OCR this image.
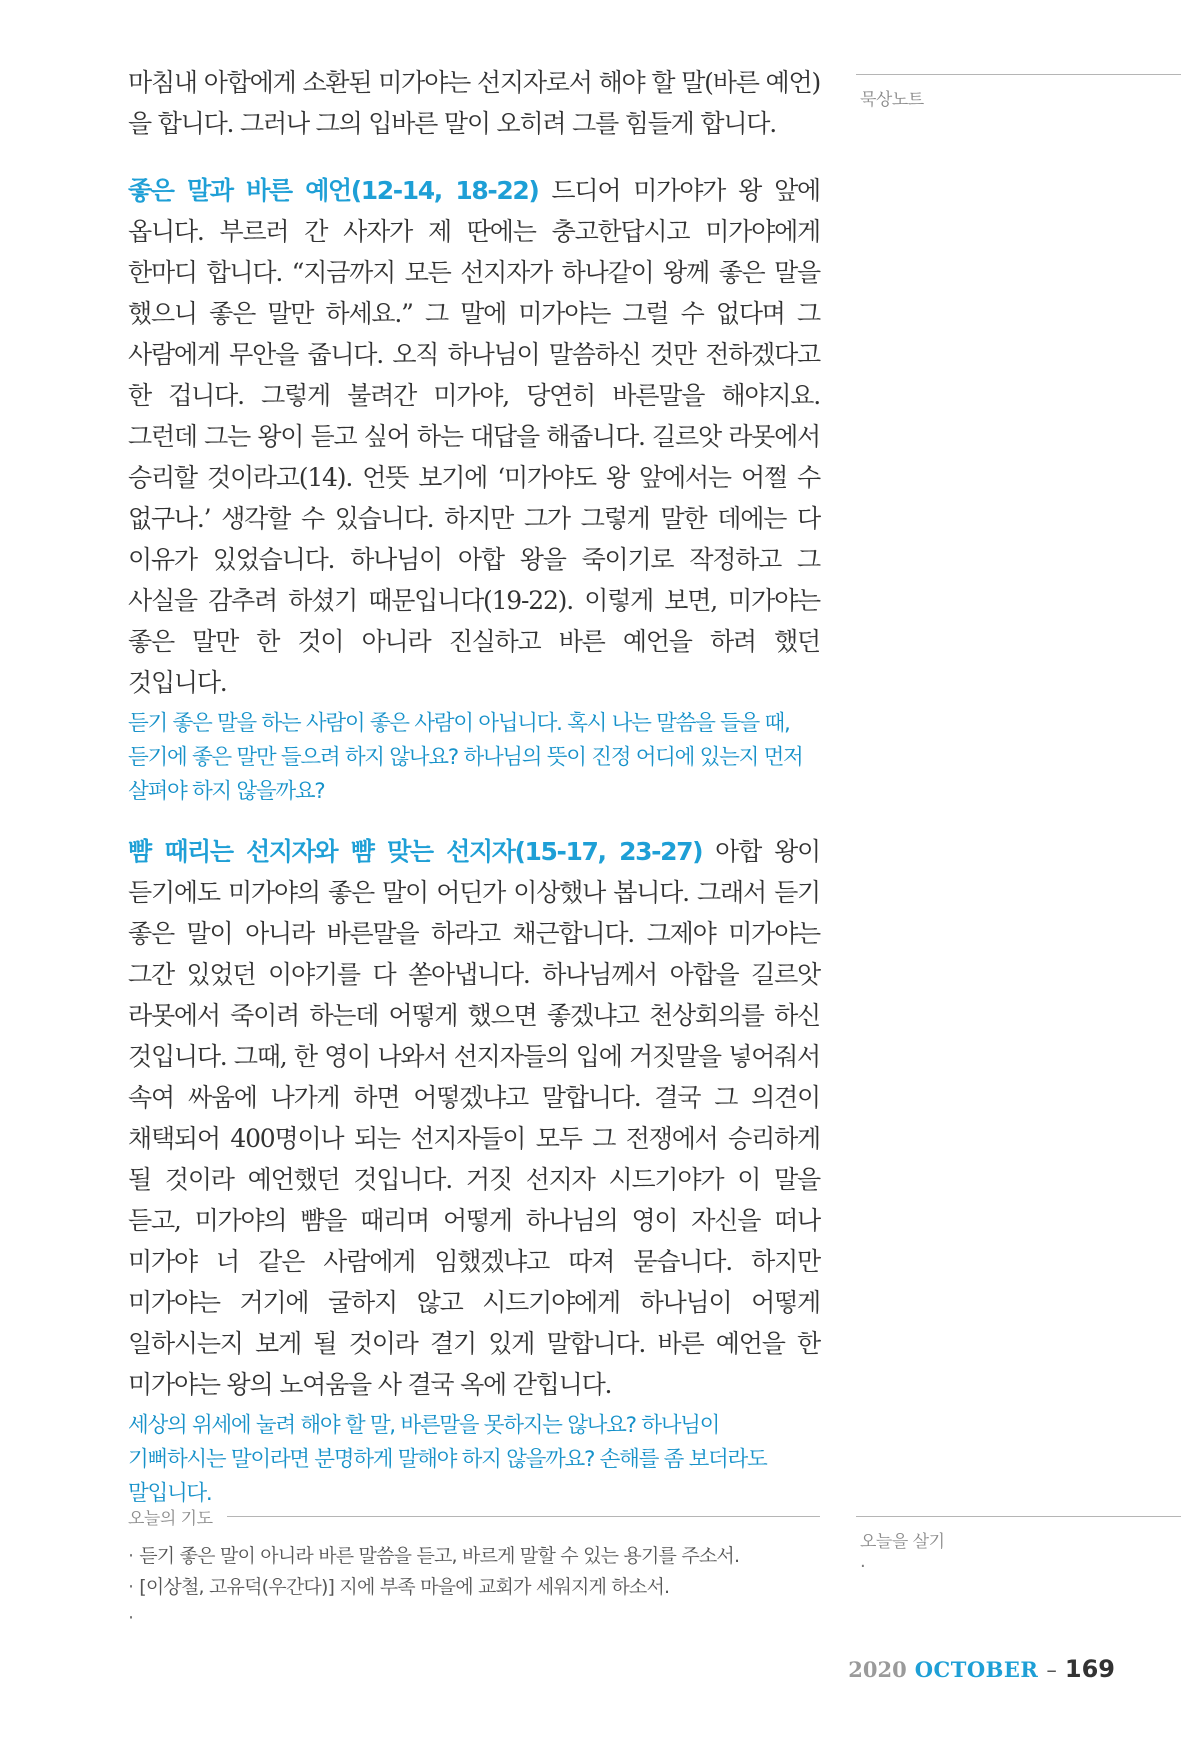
묵상노트

마침내 아합에게 소환된 미가야는 선지자로서 해야 할 말(바른 예언)을 합니다. 그러나 그의 입바른 말이 오히려 그를 힘들게 합니다.

좋은 말과 바른 예언(12-14, 18-22) 드디어 미가야가 왕 앞에 옵니다. 부르러 간 사자가 제 딴에는 충고한답시고 미가야에게 한마디 합니다. “지금까지 모든 선지자가 하나같이 왕께 좋은 말을 했으니 좋은 말만 하세요.” 그 말에 미가야는 그럴 수 없다며 그 사람에게 무안을 줍니다. 오직 하나님이 말씀하신 것만 전하겠다고 한 겁니다. 그렇게 불려간 미가야, 당연히 바른말을 해야지요. 그런데 그는 왕이 듣고 싶어 하는 대답을 해줍니다. 길르앗 라못에서 승리할 것이라고(14). 언뜻 보기에 ‘미가야도 왕 앞에서는 어쩔 수 없구나.’ 생각할 수 있습니다. 하지만 그가 그렇게 말한 데에는 다 이유가 있었습니다. 하나님이 아합 왕을 죽이기로 작정하고 그 사실을 감추려 하셨기 때문입니다(19-22). 이렇게 보면, 미가야는 좋은 말만 한 것이 아니라 진실하고 바른 예언을 하려 했던 것입니다.

듣기 좋은 말을 하는 사람이 좋은 사람이 아닙니다. 혹시 나는 말씀을 들을 때, 듣기에 좋은 말만 들으려 하지 않나요? 하나님의 뜻이 진정 어디에 있는지 먼저 살펴야 하지 않을까요?

뺨 때리는 선지자와 뺨 맞는 선지자(15-17, 23-27) 아합 왕이 듣기에도 미가야의 좋은 말이 어딘가 이상했나 봅니다. 그래서 듣기 좋은 말이 아니라 바른말을 하라고 채근합니다. 그제야 미가야는 그간 있었던 이야기를 다 쏟아냅니다. 하나님께서 아합을 길르앗 라못에서 죽이려 하는데 어떻게 했으면 좋겠냐고 천상회의를 하신 것입니다. 그때, 한 영이 나와서 선지자들의 입에 거짓말을 넣어줘서 속여 싸움에 나가게 하면 어떻겠냐고 말합니다. 결국 그 의견이 채택되어 400명이나 되는 선지자들이 모두 그 전쟁에서 승리하게 될 것이라 예언했던 것입니다. 거짓 선지자 시드기야가 이 말을 듣고, 미가야의 뺨을 때리며 어떻게 하나님의 영이 자신을 떠나 미가야 너 같은 사람에게 임했겠냐고 따져 묻습니다. 하지만 미가야는 거기에 굴하지 않고 시드기야에게 하나님이 어떻게 일하시는지 보게 될 것이라 결기 있게 말합니다. 바른 예언을 한 미가야는 왕의 노여움을 사 결국 옥에 갇힙니다.

세상의 위세에 눌려 해야 할 말, 바른말을 못하지는 않나요? 하나님이 기뻐하시는 말이라면 분명하게 말해야 하지 않을까요? 손해를 좀 보더라도 말입니다.

오늘의 기도
· 듣기 좋은 말이 아니라 바른 말씀을 듣고, 바르게 말할 수 있는 용기를 주소서.
· [이상철, 고유덕(우간다)] 지에 부족 마을에 교회가 세워지게 하소서.
·
오늘을 살기
·
2020 OCTOBER – 169
